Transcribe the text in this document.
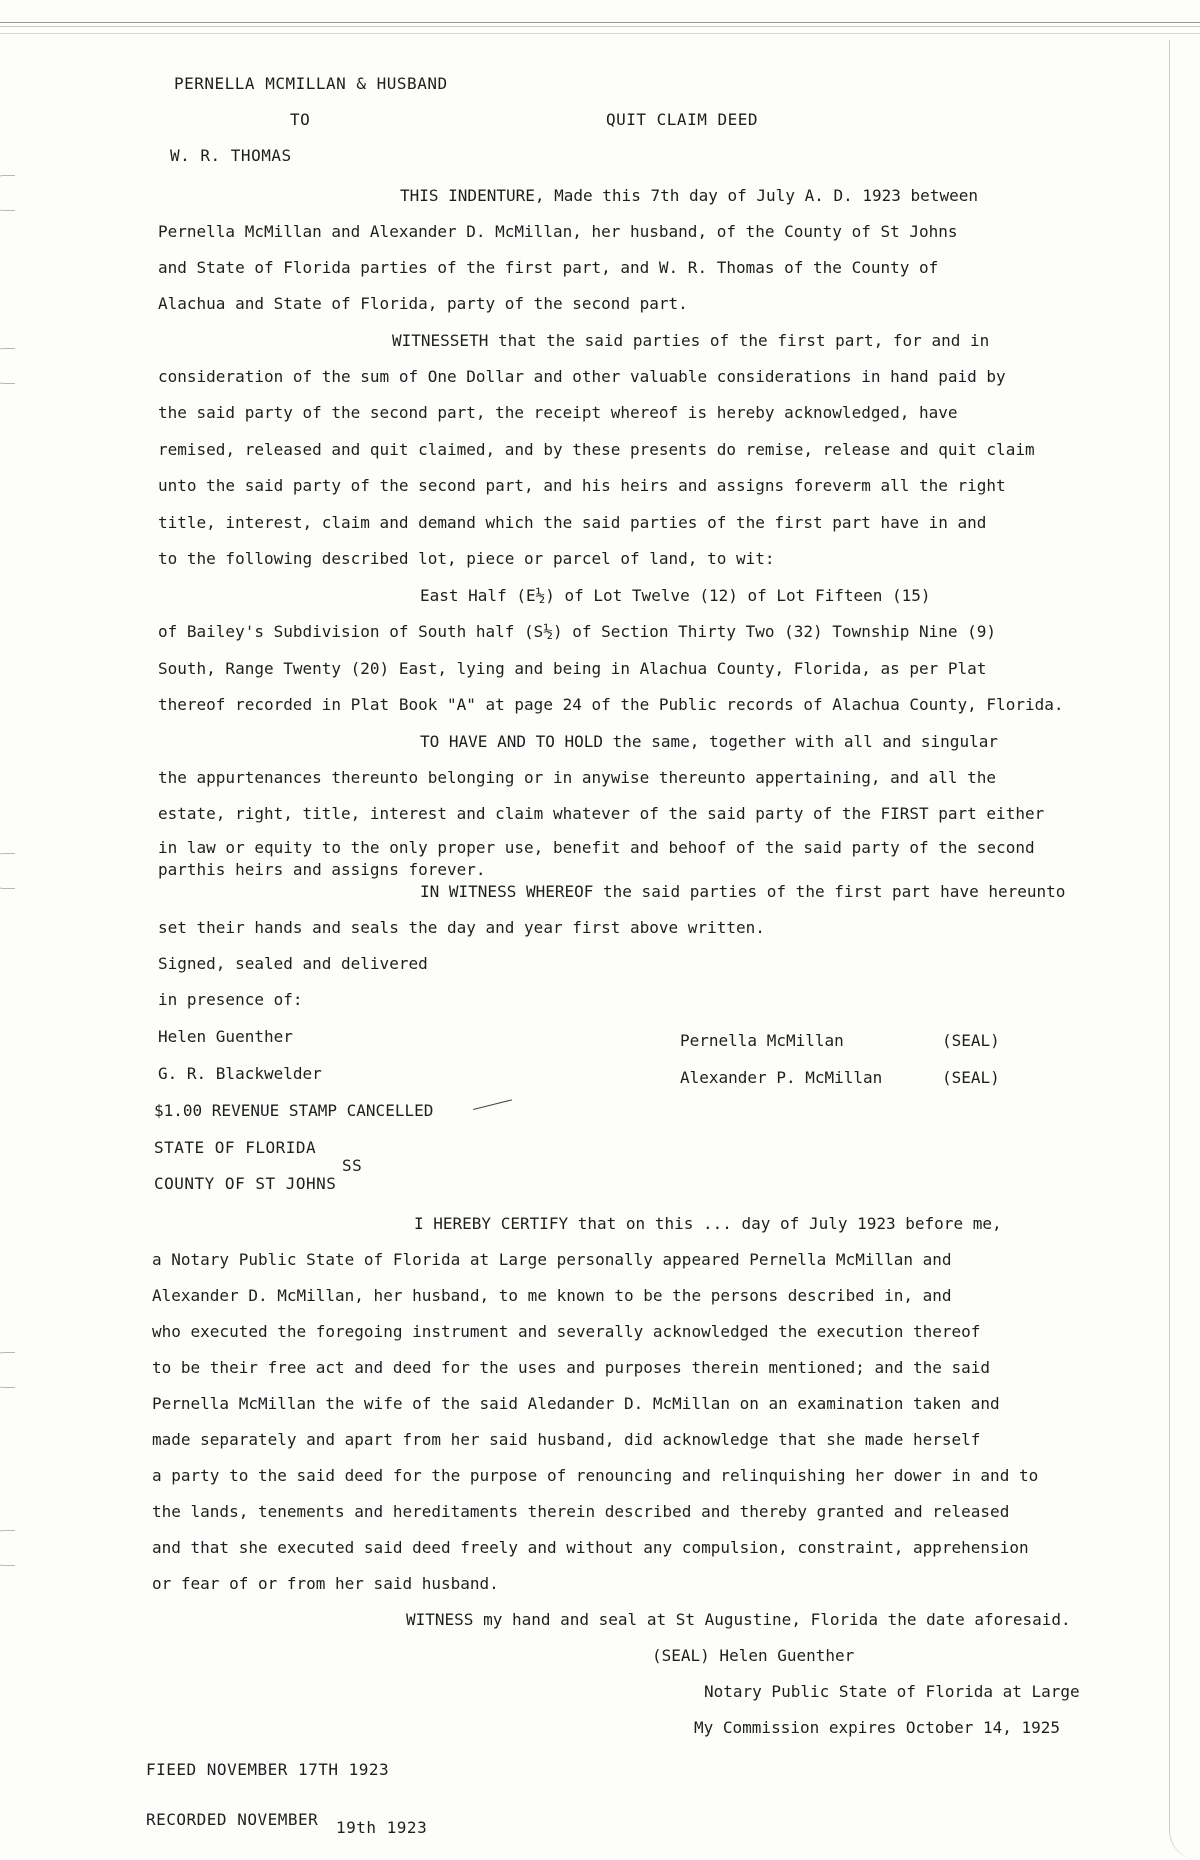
PERNELLA MCMILLAN & HUSBAND
TO	QUIT CLAIM DEED
W. R. THOMAS
THIS INDENTURE, Made this 7th day of July A. D. 1923 between
Pernella McMillan and Alexander D. McMillan, her husband, of the County of St Johns
and State of Florida parties of the first part, and W. R. Thomas of the County of
Alachua and State of Florida, party of the second part.
WITNESSETH that the said parties of the first part, for and in
consideration of the sum of One Dollar and other valuable considerations in hand paid by
the said party of the second part, the receipt whereof is hereby acknowledged, have
remised, released and quit claimed, and by these presents do remise, release and quit claim
unto the said party of the second part, and his heirs and assigns foreverm all the right
title, interest, claim and demand which the said parties of the first part have in and
to the following described lot, piece or parcel of land, to wit:
East Half (E½) of Lot Twelve (12) of Lot Fifteen (15)
of Bailey's Subdivision of South half (S½) of Section Thirty Two (32) Township Nine (9)
South, Range Twenty (20) East, lying and being in Alachua County, Florida, as per Plat
thereof recorded in Plat Book "A" at page 24 of the Public records of Alachua County, Florida.
TO HAVE AND TO HOLD the same, together with all and singular
the appurtenances thereunto belonging or in anywise thereunto appertaining, and all the
estate, right, title, interest and claim whatever of the said party of the FIRST part either
in law or equity to the only proper use, benefit and behoof of the said party of the second
parthis heirs and assigns forever.
IN WITNESS WHEREOF the said parties of the first part have hereunto
set their hands and seals the day and year first above written.
Signed, sealed and delivered
in presence of:
Helen Guenther
G. R. Blackwelder
Pernella McMillan	(SEAL)
Alexander P. McMillan	(SEAL)
$1.00 REVENUE STAMP CANCELLED
STATE OF FLORIDA
SS
COUNTY OF ST JOHNS
I HEREBY CERTIFY that on this ... day of July 1923 before me,
a Notary Public State of Florida at Large personally appeared Pernella McMillan and
Alexander D. McMillan, her husband, to me known to be the persons described in, and
who executed the foregoing instrument and severally acknowledged the execution thereof
to be their free act and deed for the uses and purposes therein mentioned; and the said
Pernella McMillan the wife of the said Aledander D. McMillan on an examination taken and
made separately and apart from her said husband, did acknowledge that she made herself
a party to the said deed for the purpose of renouncing and relinquishing her dower in and to
the lands, tenements and hereditaments therein described and thereby granted and released
and that she executed said deed freely and without any compulsion, constraint, apprehension
or fear of or from her said husband.
WITNESS my hand and seal at St Augustine, Florida the date aforesaid.
(SEAL) Helen Guenther
Notary Public State of Florida at Large
My Commission expires October 14, 1925
FIEED NOVEMBER 17TH 1923
RECORDED NOVEMBER 19th 1923
